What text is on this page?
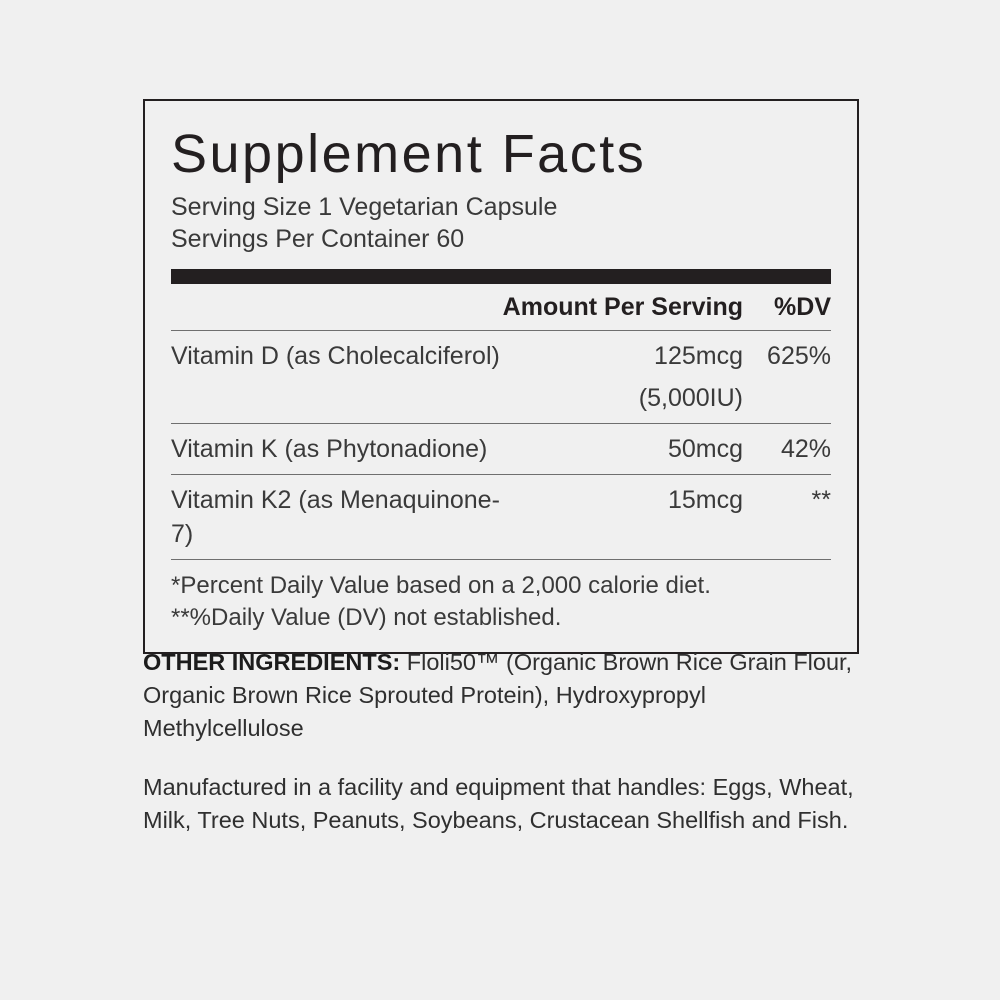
Supplement Facts
Serving Size 1 Vegetarian Capsule
Servings Per Container 60
	Amount Per Serving	%DV
Vitamin D (as Cholecalciferol)	125mcg	625%
	(5,000IU)	
Vitamin K (as Phytonadione)	50mcg	42%
Vitamin K2 (as Menaquinone-7)	15mcg	**
*Percent Daily Value based on a 2,000 calorie diet.
**%Daily Value (DV) not established.

OTHER INGREDIENTS: Floli50™ (Organic Brown Rice Grain Flour, Organic Brown Rice Sprouted Protein), Hydroxypropyl Methylcellulose

Manufactured in a facility and equipment that handles: Eggs, Wheat, Milk, Tree Nuts, Peanuts, Soybeans, Crustacean Shellfish and Fish.
